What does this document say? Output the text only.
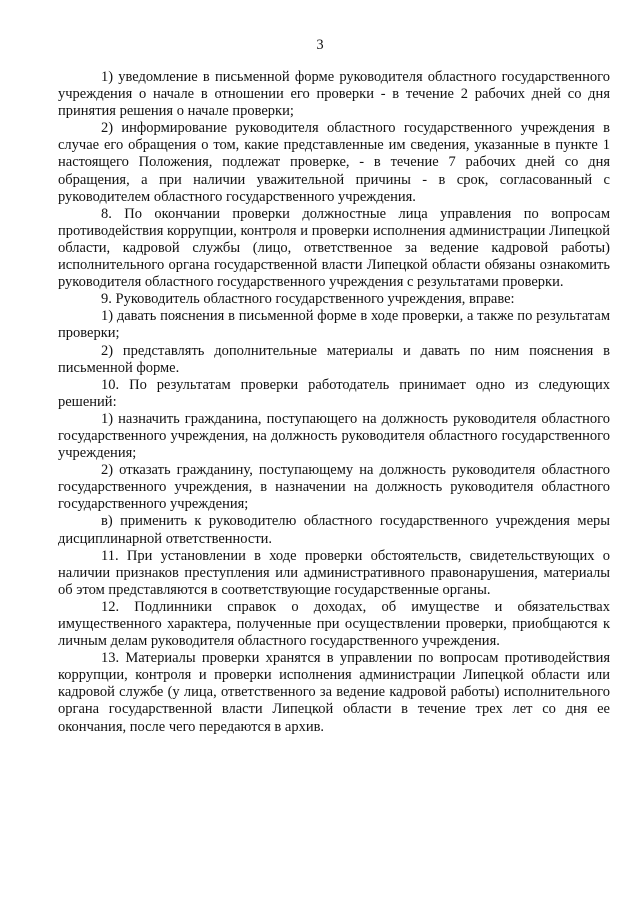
3

1) уведомление в письменной форме руководителя областного государственного учреждения о начале в отношении его проверки - в течение 2 рабочих дней со дня принятия решения о начале проверки;

2) информирование руководителя областного государственного учреждения в случае его обращения о том, какие представленные им сведения, указанные в пункте 1 настоящего Положения, подлежат проверке, - в течение 7 рабочих дней со дня обращения, а при наличии уважительной причины - в срок, согласованный с руководителем областного государственного учреждения.

8. По окончании проверки должностные лица управления по вопросам противодействия коррупции, контроля и проверки исполнения администрации Липецкой области, кадровой службы (лицо, ответственное за ведение кадровой работы) исполнительного органа государственной власти Липецкой области обязаны ознакомить руководителя областного государственного учреждения с результатами проверки.

9. Руководитель областного государственного учреждения, вправе:

1) давать пояснения в письменной форме в ходе проверки, а также по результатам проверки;

2) представлять дополнительные материалы и давать по ним пояснения в письменной форме.

10. По результатам проверки работодатель принимает одно из следующих решений:

1) назначить гражданина, поступающего на должность руководителя областного государственного учреждения, на должность руководителя областного государственного учреждения;

2) отказать гражданину, поступающему на должность руководителя областного государственного учреждения, в назначении на должность руководителя областного государственного учреждения;

в) применить к руководителю областного государственного учреждения меры дисциплинарной ответственности.

11. При установлении в ходе проверки обстоятельств, свидетельствующих о наличии признаков преступления или административного правонарушения, материалы об этом представляются в соответствующие государственные органы.

12. Подлинники справок о доходах, об имуществе и обязательствах имущественного характера, полученные при осуществлении проверки, приобщаются к личным делам руководителя областного государственного учреждения.

13. Материалы проверки хранятся в управлении по вопросам противодействия коррупции, контроля и проверки исполнения администрации Липецкой области или кадровой службе (у лица, ответственного за ведение кадровой работы) исполнительного органа государственной власти Липецкой области в течение трех лет со дня ее окончания, после чего передаются в архив.
